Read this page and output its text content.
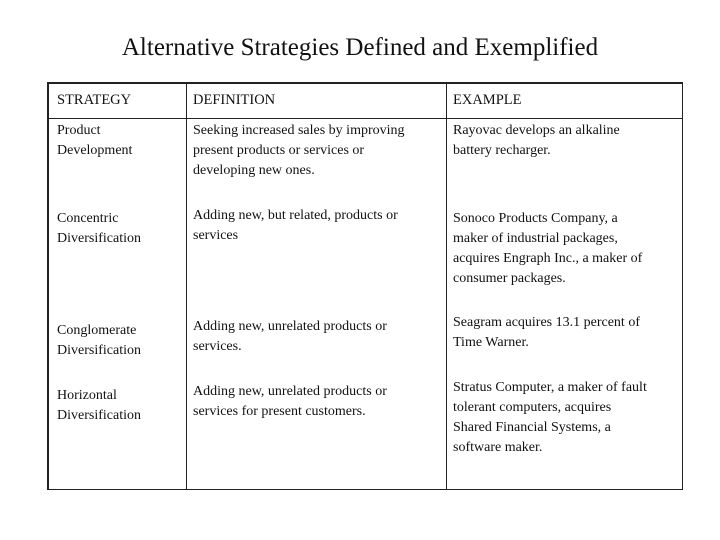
Alternative Strategies Defined and Exemplified
STRATEGY	DEFINITION	EXAMPLE
Product
Development
Seeking increased sales by improving
present products or services or
developing new ones.
Rayovac develops an alkaline
battery recharger.
Concentric
Diversification
Adding new, but related, products or
services
Sonoco Products Company, a
maker of industrial packages,
acquires Engraph Inc., a maker of
consumer packages.
Conglomerate
Diversification
Adding new, unrelated products or
services.
Seagram acquires 13.1 percent of
Time Warner.
Horizontal
Diversification
Adding new, unrelated products or
services for present customers.
Stratus Computer, a maker of fault
tolerant computers, acquires
Shared Financial Systems, a
software maker.
